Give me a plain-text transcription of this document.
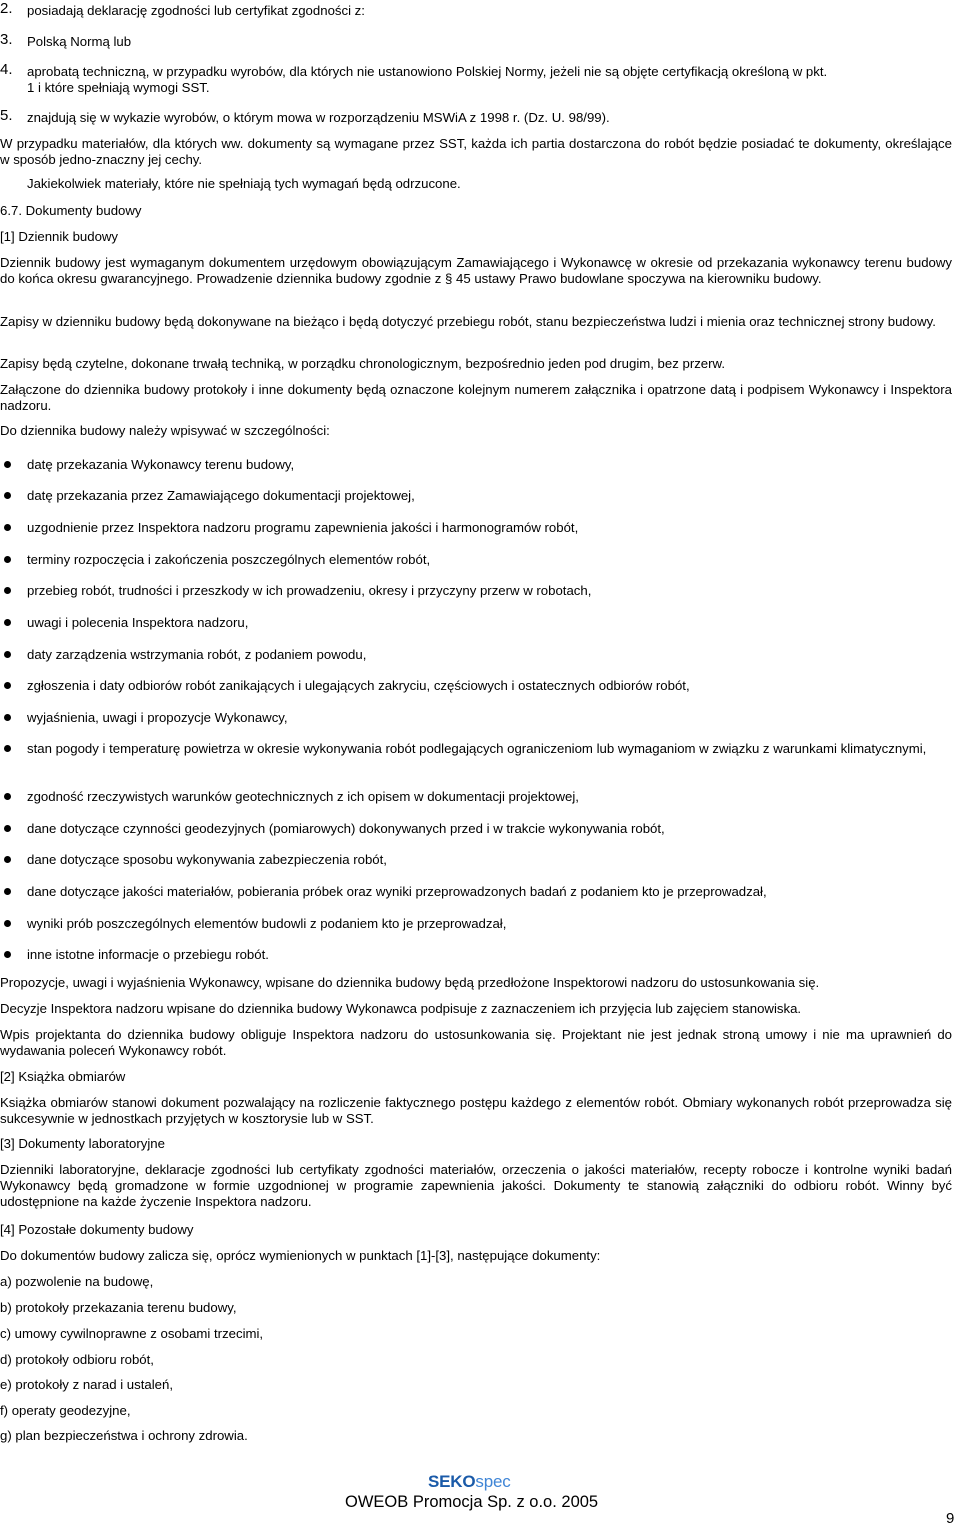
2. posiadają deklarację zgodności lub certyfikat zgodności z:

3. Polską Normą lub

4. aprobatą techniczną, w przypadku wyrobów, dla których nie ustanowiono Polskiej Normy, jeżeli nie są objęte certyfikacją określoną w pkt.

1 i które spełniają wymogi SST.

5. znajdują się w wykazie wyrobów, o którym mowa w rozporządzeniu MSWiA z 1998 r. (Dz. U. 98/99).

W przypadku materiałów, dla których ww. dokumenty są wymagane przez SST, każda ich partia dostarczona do robót będzie posiadać te dokumenty, określające w sposób jedno-znaczny jej cechy.

Jakiekolwiek materiały, które nie spełniają tych wymagań będą odrzucone.

6.7. Dokumenty budowy

[1] Dziennik budowy

Dziennik budowy jest wymaganym dokumentem urzędowym obowiązującym Zamawiającego i Wykonawcę w okresie od przekazania wykonawcy terenu budowy do końca okresu gwarancyjnego. Prowadzenie dziennika budowy zgodnie z § 45 ustawy Prawo budowlane spoczywa na kierowniku budowy.

Zapisy w dzienniku budowy będą dokonywane na bieżąco i będą dotyczyć przebiegu robót, stanu bezpieczeństwa ludzi i mienia oraz technicznej strony budowy.

Zapisy będą czytelne, dokonane trwałą techniką, w porządku chronologicznym, bezpośrednio jeden pod drugim, bez przerw.

Załączone do dziennika budowy protokoły i inne dokumenty będą oznaczone kolejnym numerem załącznika i opatrzone datą i podpisem Wykonawcy i Inspektora nadzoru.

Do dziennika budowy należy wpisywać w szczególności:

datę przekazania Wykonawcy terenu budowy,
datę przekazania przez Zamawiającego dokumentacji projektowej,
uzgodnienie przez Inspektora nadzoru programu zapewnienia jakości i harmonogramów robót,
terminy rozpoczęcia i zakończenia poszczególnych elementów robót,
przebieg robót, trudności i przeszkody w ich prowadzeniu, okresy i przyczyny przerw w robotach,
uwagi i polecenia Inspektora nadzoru,
daty zarządzenia wstrzymania robót, z podaniem powodu,
zgłoszenia i daty odbiorów robót zanikających i ulegających zakryciu, częściowych i ostatecznych odbiorów robót,
wyjaśnienia, uwagi i propozycje Wykonawcy,
stan pogody i temperaturę powietrza w okresie wykonywania robót podlegających ograniczeniom lub wymaganiom w związku z warunkami klimatycznymi,
zgodność rzeczywistych warunków geotechnicznych z ich opisem w dokumentacji projektowej,
dane dotyczące czynności geodezyjnych (pomiarowych) dokonywanych przed i w trakcie wykonywania robót,
dane dotyczące sposobu wykonywania zabezpieczenia robót,
dane dotyczące jakości materiałów, pobierania próbek oraz wyniki przeprowadzonych badań z podaniem kto je przeprowadzał,
wyniki prób poszczególnych elementów budowli z podaniem kto je przeprowadzał,
inne istotne informacje o przebiegu robót.

Propozycje, uwagi i wyjaśnienia Wykonawcy, wpisane do dziennika budowy będą przedłożone Inspektorowi nadzoru do ustosunkowania się.

Decyzje Inspektora nadzoru wpisane do dziennika budowy Wykonawca podpisuje z zaznaczeniem ich przyjęcia lub zajęciem stanowiska.

Wpis projektanta do dziennika budowy obliguje Inspektora nadzoru do ustosunkowania się. Projektant nie jest jednak stroną umowy i nie ma uprawnień do wydawania poleceń Wykonawcy robót.

[2] Książka obmiarów

Książka obmiarów stanowi dokument pozwalający na rozliczenie faktycznego postępu każdego z elementów robót. Obmiary wykonanych robót przeprowadza się sukcesywnie w jednostkach przyjętych w kosztorysie lub w SST.

[3] Dokumenty laboratoryjne

Dzienniki laboratoryjne, deklaracje zgodności lub certyfikaty zgodności materiałów, orzeczenia o jakości materiałów, recepty robocze i kontrolne wyniki badań Wykonawcy będą gromadzone w formie uzgodnionej w programie zapewnienia jakości. Dokumenty te stanowią załączniki do odbioru robót. Winny być udostępnione na każde życzenie Inspektora nadzoru.

[4] Pozostałe dokumenty budowy

Do dokumentów budowy zalicza się, oprócz wymienionych w punktach [1]-[3], następujące dokumenty:

a) pozwolenie na budowę,

b) protokoły przekazania terenu budowy,

c) umowy cywilnoprawne z osobami trzecimi,

d) protokoły odbioru robót,

e) protokoły z narad i ustaleń,

f) operaty geodezyjne,

g) plan bezpieczeństwa i ochrony zdrowia.

SEKOspec
OWEOB Promocja Sp. z o.o. 2005
9
